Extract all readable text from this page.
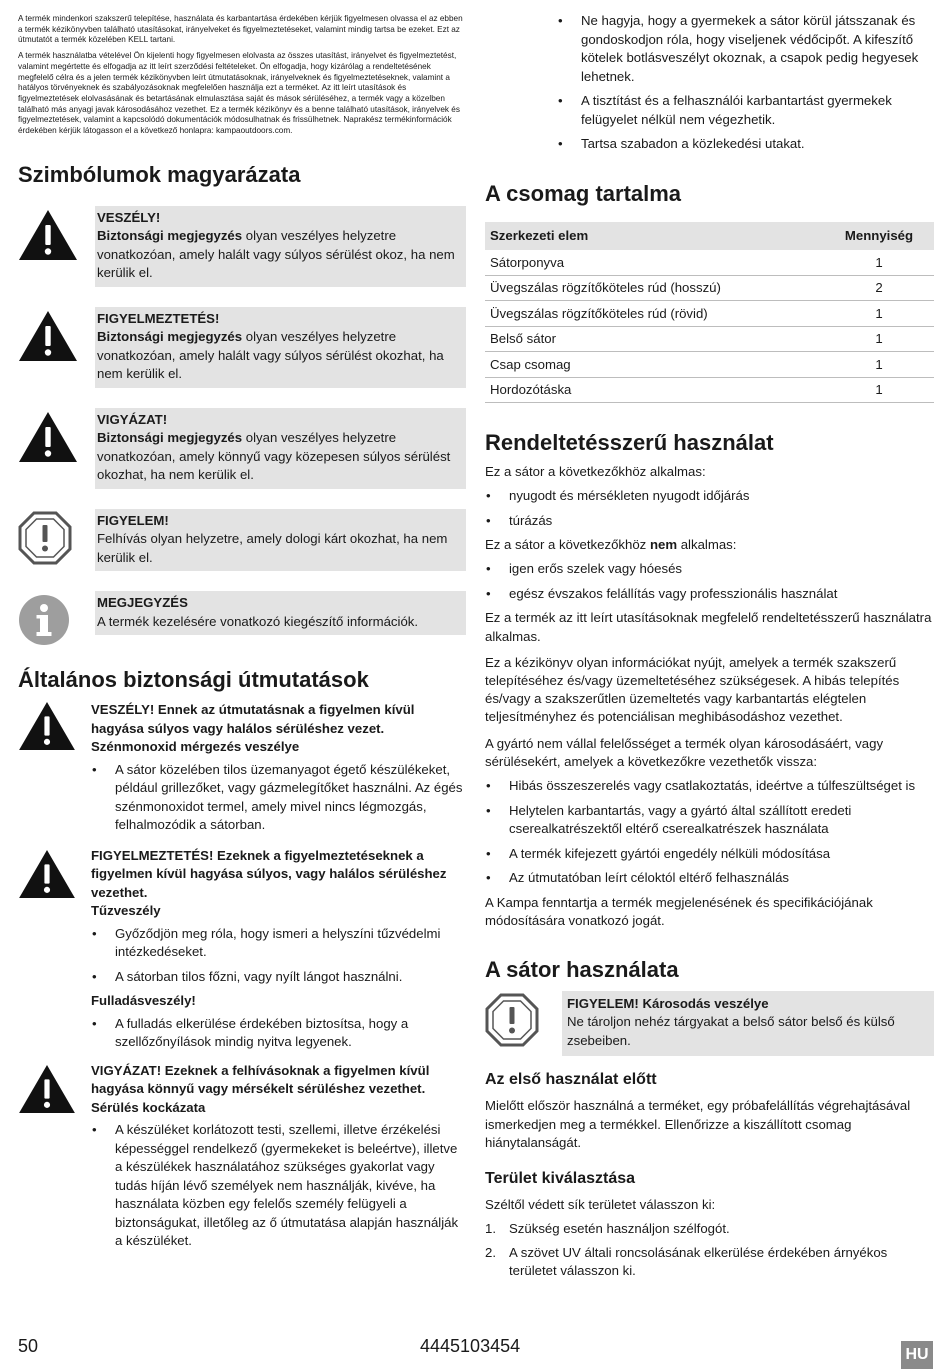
A termék mindenkori szakszerű telepítése, használata és karbantartása érdekében kérjük figyelmesen olvassa el az ebben a termék kézikönyvben található utasításokat, irányelveket és figyelmeztetéseket, valamint mindig tartsa be ezeket. Ezt az útmutatót a termék közelében KELL tartani.

A termék használatba vételével Ön kijelenti hogy figyelmesen elolvasta az összes utasítást, irányelvet és figyelmeztetést, valamint megértette és elfogadja az itt leírt szerződési feltételeket. Ön elfogadja, hogy kizárólag a rendeltetésének megfelelő célra és a jelen termék kézikönyvben leírt útmutatásoknak, irányelveknek és figyelmeztetéseknek, valamint a hatályos törvényeknek és szabályozásoknak megfelelően használja ezt a terméket. Az itt leírt utasítások és figyelmeztetések elolvasásának és betartásának elmulasztása saját és mások sérüléséhez, a termék vagy a közelben található más anyagi javak károsodásához vezethet. Ez a termék kézikönyv és a benne található utasítások, irányelvek és figyelmeztetések, valamint a kapcsolódó dokumentációk módosulhatnak és frissülhetnek. Naprakész termékinformációk érdekében kérjük látogasson el a következő honlapra: kampaoutdoors.com.

Szimbólumok magyarázata
VESZÉLY!
Biztonsági megjegyzés olyan veszélyes helyzetre vonatkozóan, amely halált vagy súlyos sérülést okoz, ha nem kerülik el.
FIGYELMEZTETÉS!
Biztonsági megjegyzés olyan veszélyes helyzetre vonatkozóan, amely halált vagy súlyos sérülést okozhat, ha nem kerülik el.
VIGYÁZAT!
Biztonsági megjegyzés olyan veszélyes helyzetre vonatkozóan, amely könnyű vagy közepesen súlyos sérülést okozhat, ha nem kerülik el.
FIGYELEM!
Felhívás olyan helyzetre, amely dologi kárt okozhat, ha nem kerülik el.
MEGJEGYZÉS
A termék kezelésére vonatkozó kiegészítő információk.
Általános biztonsági útmutatások
VESZÉLY! Ennek az útmutatásnak a figyelmen kívül hagyása súlyos vagy halálos sérüléshez vezet.
Szénmonoxid mérgezés veszélye
• A sátor közelében tilos üzemanyagot égető készülékeket, például grillezőket, vagy gázmelegítőket használni. Az égés szénmonoxidot termel, amely mivel nincs légmozgás, felhalmozódik a sátorban.
FIGYELMEZTETÉS! Ezeknek a figyelmeztetéseknek a figyelmen kívül hagyása súlyos, vagy halálos sérüléshez vezethet.
Tűzveszély
• Győződjön meg róla, hogy ismeri a helyszíni tűzvédelmi intézkedéseket.
• A sátorban tilos főzni, vagy nyílt lángot használni.
Fulladásveszély!
• A fulladás elkerülése érdekében biztosítsa, hogy a szellőzőnyílások mindig nyitva legyenek.
VIGYÁZAT! Ezeknek a felhívásoknak a figyelmen kívül hagyása könnyű vagy mérsékelt sérüléshez vezethet.
Sérülés kockázata
• A készüléket korlátozott testi, szellemi, illetve érzékelési képességgel rendelkező (gyermekeket is beleértve), illetve a készülékek használatához szükséges gyakorlat vagy tudás híján lévő személyek nem használják, kivéve, ha használata közben egy felelős személy felügyeli a biztonságukat, illetőleg az ő útmutatása alapján használják a készüléket.
• Ne hagyja, hogy a gyermekek a sátor körül játsszanak és gondoskodjon róla, hogy viseljenek védőcipőt. A kifeszítő kötelek botlásveszélyt okoznak, a csapok pedig hegyesek lehetnek.
• A tisztítást és a felhasználói karbantartást gyermekek felügyelet nélkül nem végezhetik.
• Tartsa szabadon a közlekedési utakat.
A csomag tartalma
Szerkezeti elem	Mennyiség
Sátorponyva	1
Üvegszálas rögzítőköteles rúd (hosszú)	2
Üvegszálas rögzítőköteles rúd (rövid)	1
Belső sátor	1
Csap csomag	1
Hordozótáska	1
Rendeltetésszerű használat

Ez a sátor a következőkhöz alkalmas:

• nyugodt és mérsékleten nyugodt időjárás
• túrázás

Ez a sátor a következőkhöz nem alkalmas:

• igen erős szelek vagy hóesés
• egész évszakos felállítás vagy professzionális használat

Ez a termék az itt leírt utasításoknak megfelelő rendeltetésszerű használatra alkalmas.

Ez a kézikönyv olyan információkat nyújt, amelyek a termék szakszerű telepítéséhez és/vagy üzemeltetéséhez szükségesek. A hibás telepítés és/vagy a szakszerűtlen üzemeltetés vagy karbantartás elégtelen teljesítményhez és potenciálisan meghibásodáshoz vezethet.

A gyártó nem vállal felelősséget a termék olyan károsodásáért, vagy sérülésekért, amelyek a következőkre vezethetők vissza:

• Hibás összeszerelés vagy csatlakoztatás, ideértve a túlfeszültséget is
• Helytelen karbantartás, vagy a gyártó által szállított eredeti cserealkatrészektől eltérő cserealkatrészek használata
• A termék kifejezett gyártói engedély nélküli módosítása
• Az útmutatóban leírt céloktól eltérő felhasználás

A Kampa fenntartja a termék megjelenésének és specifikációjának módosítására vonatkozó jogát.

A sátor használata
FIGYELEM! Károsodás veszélye
Ne tároljon nehéz tárgyakat a belső sátor belső és külső zsebeiben.
Az első használat előtt

Mielőtt először használná a terméket, egy próbafelállítás végrehajtásával ismerkedjen meg a termékkel. Ellenőrizze a kiszállított csomag hiánytalanságát.

Terület kiválasztása

Széltől védett sík területet válasszon ki:

1. Szükség esetén használjon szélfogót.
2. A szövet UV általi roncsolásának elkerülése érdekében árnyékos területet válasszon ki.
50	4445103454	HU
